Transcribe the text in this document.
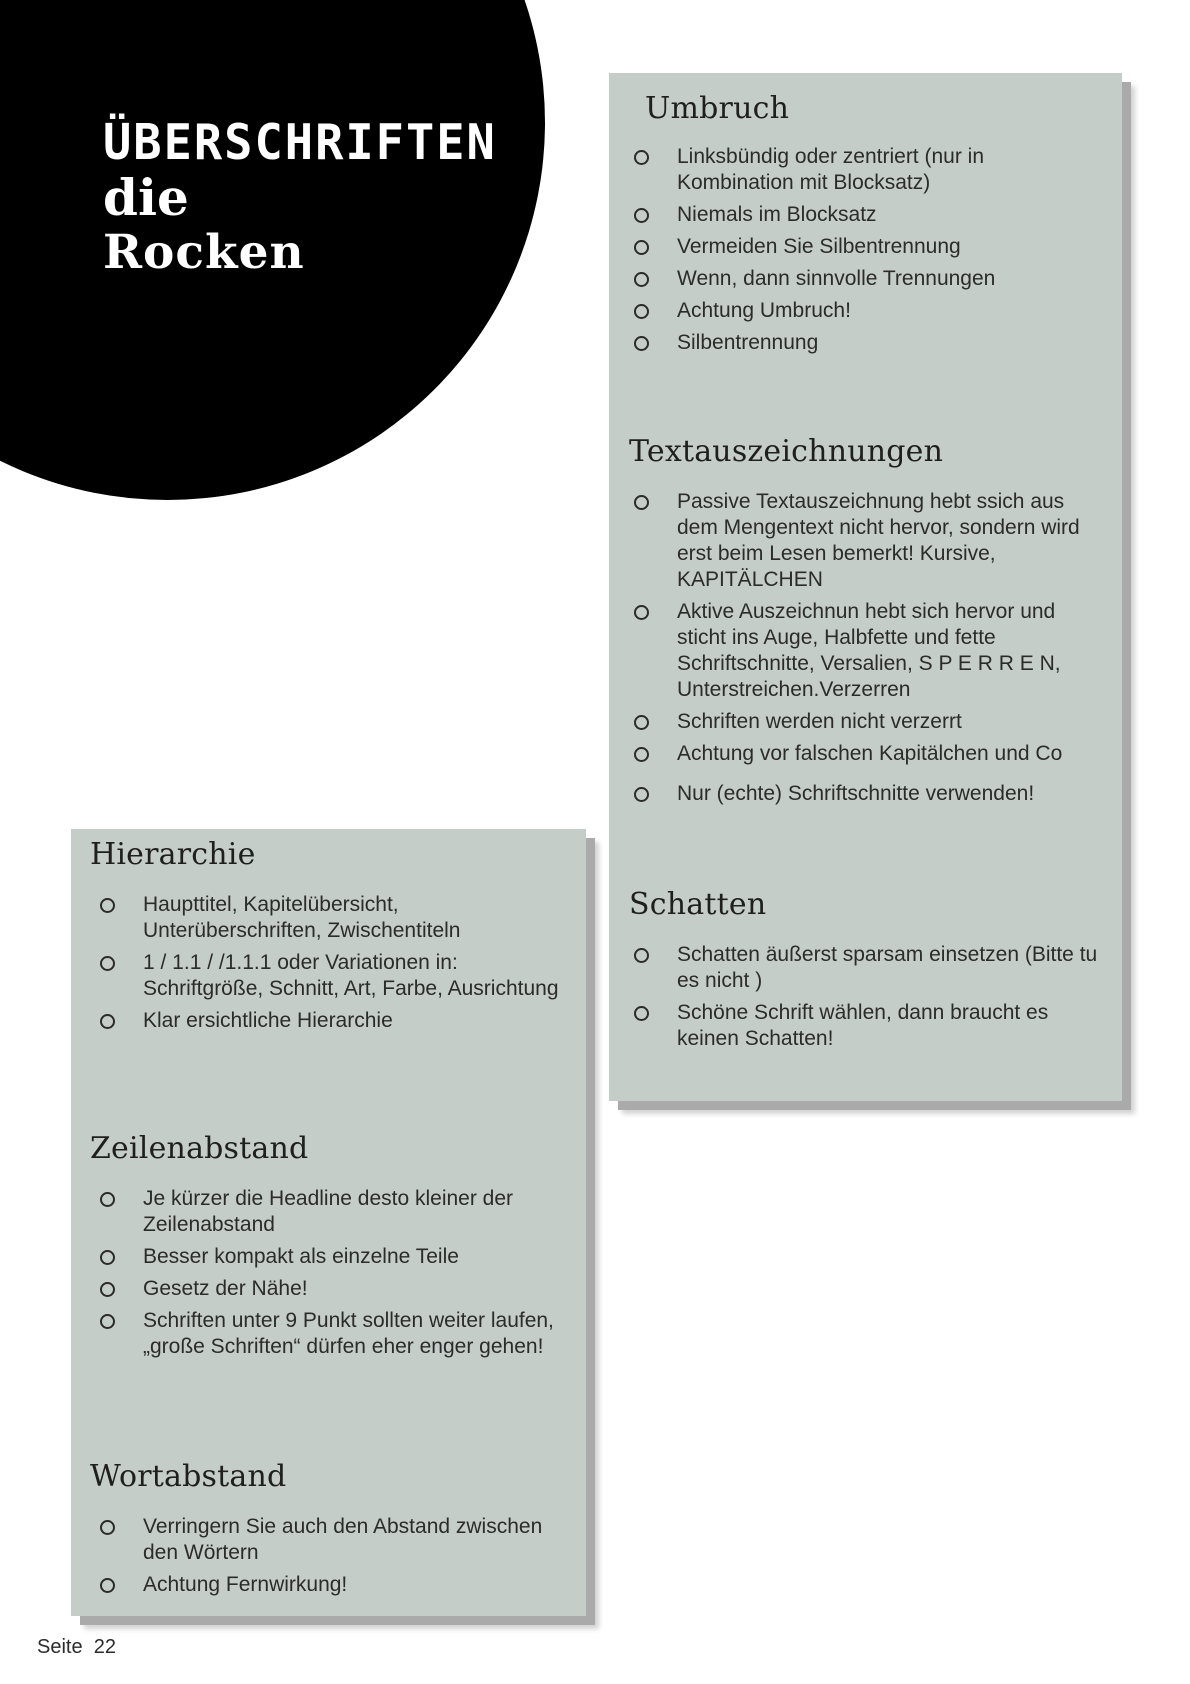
ÜBERSCHRIFTEN
die
Rocken
Umbruch
Linksbündig oder zentriert (nur in Kombination mit Blocksatz)
Niemals im Blocksatz
Vermeiden Sie Silbentrennung
Wenn, dann sinnvolle Trennungen
Achtung Umbruch!
Silbentrennung
Textauszeichnungen
Passive Textauszeichnung hebt ssich aus dem Mengentext nicht hervor, sondern wird erst beim Lesen bemerkt! Kursive, KAPITÄLCHEN
Aktive Auszeichnun hebt sich hervor und sticht ins Auge, Halbfette und fette Schriftschnitte, Versalien, S P E R R E N, Unterstreichen.Verzerren
Schriften werden nicht verzerrt
Achtung vor falschen Kapitälchen und Co
Nur (echte) Schriftschnitte verwenden!
Schatten
Schatten äußerst sparsam einsetzen (Bitte tu es nicht )
Schöne Schrift wählen, dann braucht es keinen Schatten!
Hierarchie
Haupttitel, Kapitelübersicht, Unterüberschriften, Zwischentiteln
1 / 1.1 / /1.1.1 oder Variationen in: Schriftgröße, Schnitt, Art, Farbe, Ausrichtung
Klar ersichtliche Hierarchie
Zeilenabstand
Je kürzer die Headline desto kleiner der Zeilenabstand
Besser kompakt als einzelne Teile
Gesetz der Nähe!
Schriften unter 9 Punkt sollten weiter laufen, „große Schriften“ dürfen eher enger gehen!
Wortabstand
Verringern Sie auch den Abstand zwischen den Wörtern
Achtung Fernwirkung!
Seite  22
